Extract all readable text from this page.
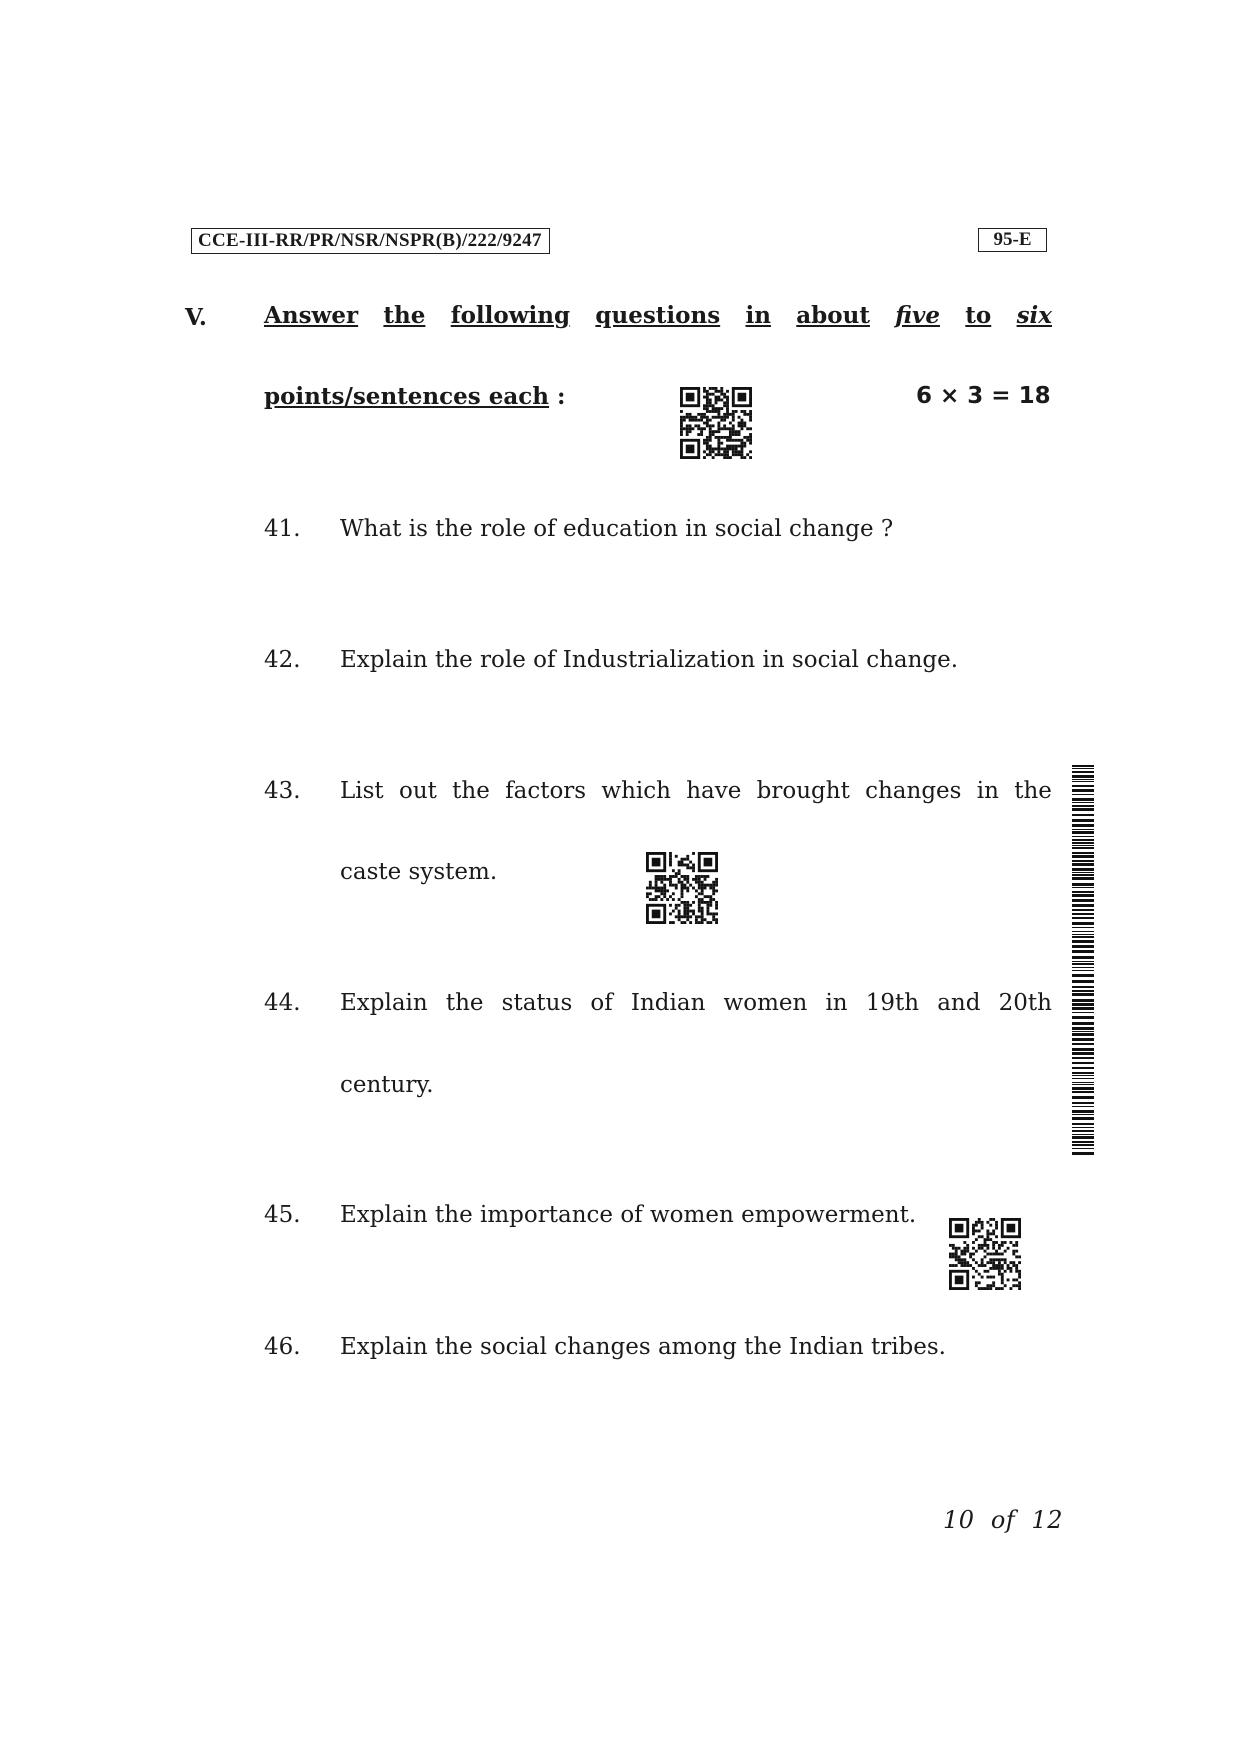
CCE-III-RR/PR/NSR/NSPR(B)/222/9247	95-E
V. Answer the following questions in about five to six
points/sentences each :	6 × 3 = 18
41. What is the role of education in social change ?
42. Explain the role of Industrialization in social change.
43. List out the factors which have brought changes in the
caste system.
44. Explain the status of Indian women in 19th and 20th
century.
45. Explain the importance of women empowerment.
46. Explain the social changes among the Indian tribes.
10 of 12
